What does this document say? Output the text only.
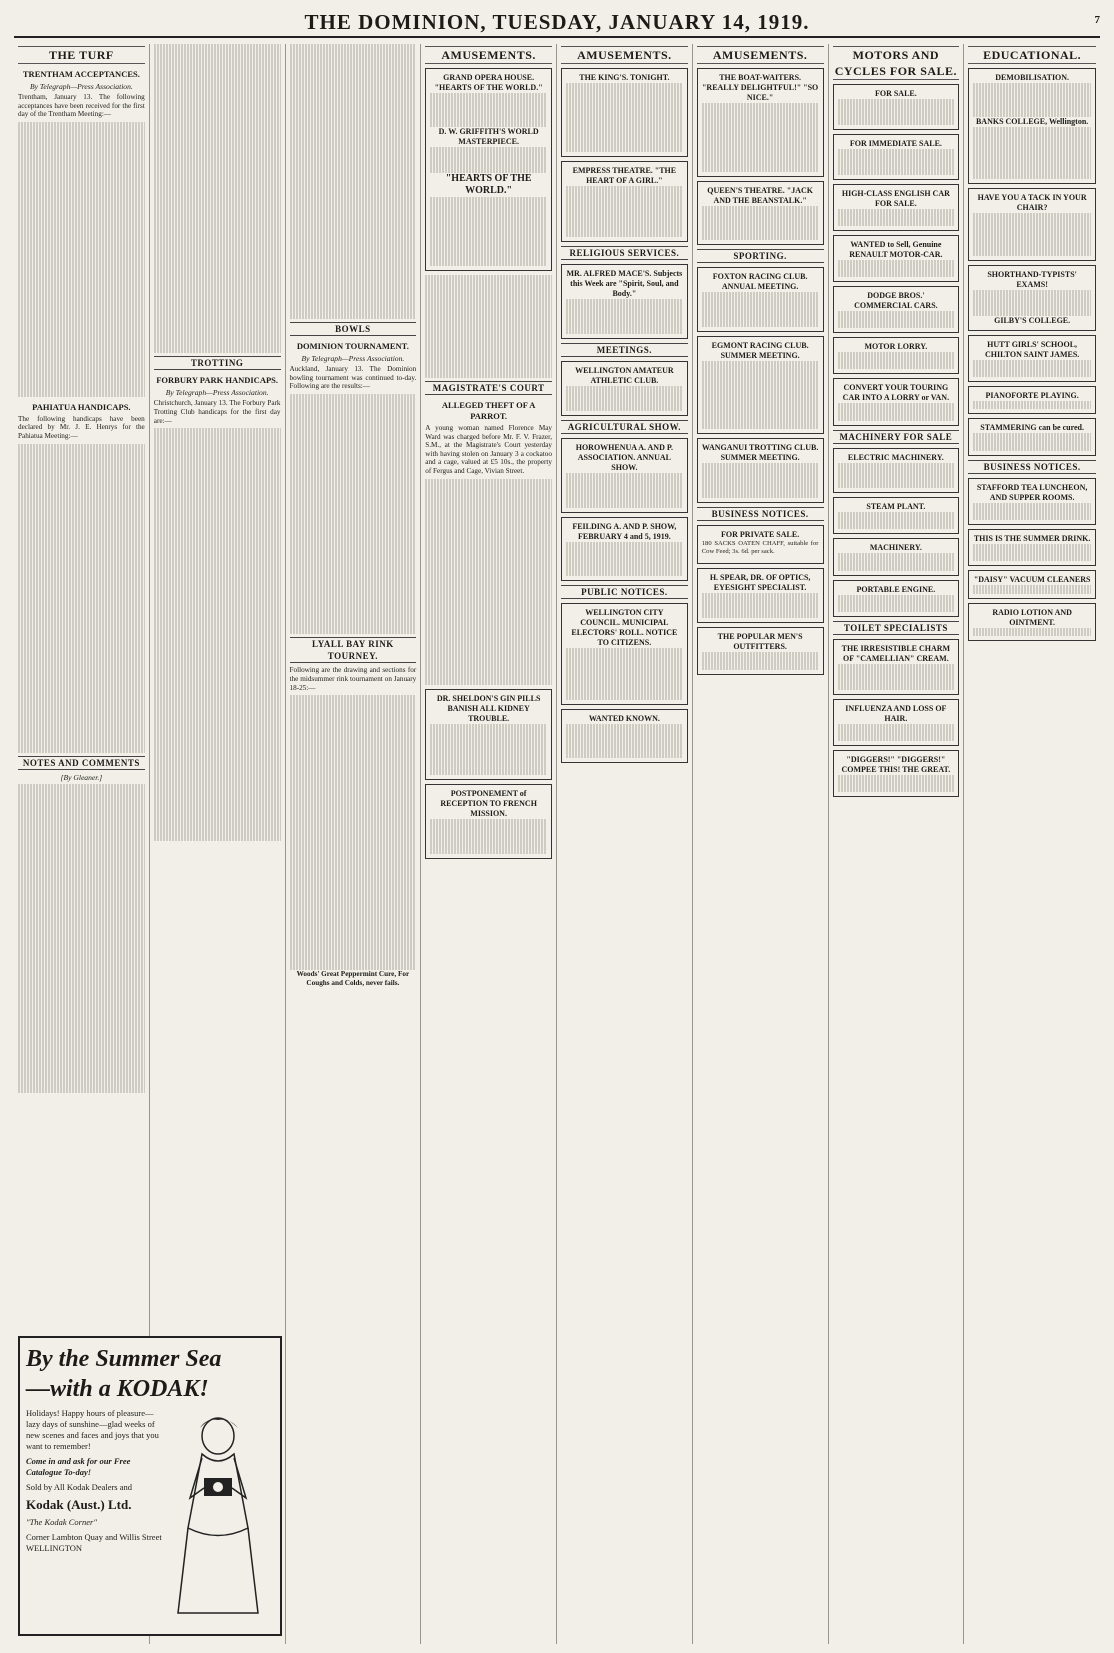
THE DOMINION, TUESDAY, JANUARY 14, 1919.	7
THE TURF
TRENTHAM ACCEPTANCES.
By Telegraph—Press Association.

Trentham, January 13. The following acceptances have been received for the first day of the Trentham Meeting:—

PAHIATUA HANDICAPS.

The following handicaps have been declared by Mr. J. E. Henrys for the Pahiatua Meeting:—

NOTES AND COMMENTS
[By Gleaner.]
TROTTING
FORBURY PARK HANDICAPS.
By Telegraph—Press Association.

Christchurch, January 13. The Forbury Park Trotting Club handicaps for the first day are:—

BOWLS
DOMINION TOURNAMENT.
By Telegraph—Press Association.

Auckland, January 13. The Dominion bowling tournament was continued to-day. Following are the results:—

LYALL BAY RINK TOURNEY.

Following are the drawing and sections for the midsummer rink tournament on January 18-25:—

Woods' Great Peppermint Cure, For Coughs and Colds, never fails.

AMUSEMENTS.
GRAND OPERA HOUSE. "HEARTS OF THE WORLD."
D. W. GRIFFITH'S WORLD MASTERPIECE.
"HEARTS OF THE WORLD."
MAGISTRATE'S COURT
ALLEGED THEFT OF A PARROT.

A young woman named Florence May Ward was charged before Mr. F. V. Frazer, S.M., at the Magistrate's Court yesterday with having stolen on January 3 a cockatoo and a cage, valued at £5 10s., the property of Fergus and Cage, Vivian Street.

DR. SHELDON'S GIN PILLS BANISH ALL KIDNEY TROUBLE.
POSTPONEMENT of RECEPTION TO FRENCH MISSION.
AMUSEMENTS.
THE KING'S. TONIGHT.
EMPRESS THEATRE. "THE HEART OF A GIRL."
RELIGIOUS SERVICES.
MR. ALFRED MACE'S. Subjects this Week are "Spirit, Soul, and Body."
MEETINGS.
WELLINGTON AMATEUR ATHLETIC CLUB.
AGRICULTURAL SHOW.
HOROWHENUA A. AND P. ASSOCIATION. ANNUAL SHOW.
FEILDING A. AND P. SHOW, FEBRUARY 4 and 5, 1919.
PUBLIC NOTICES.
WELLINGTON CITY COUNCIL. MUNICIPAL ELECTORS' ROLL. NOTICE TO CITIZENS.
WANTED KNOWN.
AMUSEMENTS.
THE BOAT-WAITERS. "REALLY DELIGHTFUL!" "SO NICE."
QUEEN'S THEATRE. "JACK AND THE BEANSTALK."
SPORTING.
FOXTON RACING CLUB. ANNUAL MEETING.
EGMONT RACING CLUB. SUMMER MEETING.
WANGANUI TROTTING CLUB. SUMMER MEETING.
BUSINESS NOTICES.
FOR PRIVATE SALE.

180 SACKS OATEN CHAFF, suitable for Cow Feed; 3s. 6d. per sack.

H. SPEAR, DR. OF OPTICS, EYESIGHT SPECIALIST.
THE POPULAR MEN'S OUTFITTERS.
MOTORS AND CYCLES FOR SALE.
FOR SALE.
FOR IMMEDIATE SALE.
HIGH-CLASS ENGLISH CAR FOR SALE.
WANTED to Sell, Genuine RENAULT MOTOR-CAR.
DODGE BROS.' COMMERCIAL CARS.
MOTOR LORRY.
CONVERT YOUR TOURING CAR INTO A LORRY or VAN.
MACHINERY FOR SALE
ELECTRIC MACHINERY.
STEAM PLANT.
MACHINERY.
PORTABLE ENGINE.
TOILET SPECIALISTS
THE IRRESISTIBLE CHARM OF "CAMELLIAN" CREAM.
INFLUENZA AND LOSS OF HAIR.
"DIGGERS!" "DIGGERS!" COMPEE THIS! THE GREAT.
EDUCATIONAL.
DEMOBILISATION.
BANKS COLLEGE, Wellington.
HAVE YOU A TACK IN YOUR CHAIR?
SHORTHAND-TYPISTS' EXAMS!
GILBY'S COLLEGE.
HUTT GIRLS' SCHOOL, CHILTON SAINT JAMES.
PIANOFORTE PLAYING.
STAMMERING can be cured.
BUSINESS NOTICES.
STAFFORD TEA LUNCHEON, AND SUPPER ROOMS.
THIS IS THE SUMMER DRINK.
"DAISY" VACUUM CLEANERS
RADIO LOTION AND OINTMENT.
By the Summer Sea
—with a KODAK!
Holidays! Happy hours of pleasure—lazy days of sunshine—glad weeks of new scenes and faces and joys that you want to remember!
Come in and ask for our Free Catalogue To-day!
Sold by All Kodak Dealers and
Kodak (Aust.) Ltd.
"The Kodak Corner"
Corner Lambton Quay and Willis Street WELLINGTON
